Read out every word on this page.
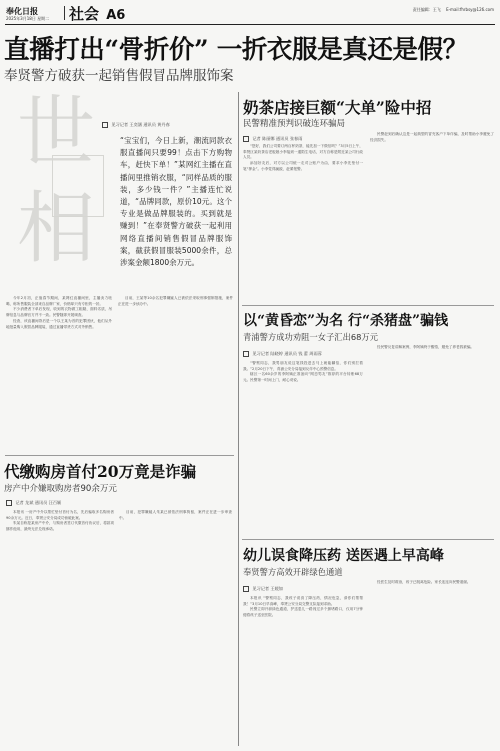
奉化日报
2025年3月18日 星期二 社会 A6	责任编辑：王飞 E-mail:fhrbsy@126.com
直播打出“骨折价” 一折衣服是真还是假？
奉贤警方破获一起销售假冒品牌服饰案
世相
见习记者 王奕涵 通讯员 黄丹春
“宝宝们，今日上新，潮流同款衣服直播间只要99！点击下方购物车，赶快下单！”某网红主播在直播间里推销衣服，“同样品质的服装，多少钱一件？”主播连忙说道，“品牌同款，原价10元。这个专业是做品牌服装的。买到就是赚到！”在奉贤警方破获一起利用网络直播间销售假冒品牌服饰案，截获假冒服装5000余件，总涉案金额1800余万元。

今年2月初，正值春节期间，某网红直播间里，主播卖力吆喝，称所售服装全部来自品牌厂家，价格却只有专柜的一折。

不少消费者下单后发现，收到的衣物做工粗糙、面料劣质，吊牌信息与品牌官方并不一致。民警随即开展调查。

经查，该直播间背后是一个以王某为首的犯罪团伙，他们从外地批量购入假冒品牌服装，通过直播带货方式对外销售。

目前，王某等10余名犯罪嫌疑人已被依法采取刑事强制措施，案件正在进一步侦办中。

奶茶店接巨额“大单”险中招
民警精准预判识破连环骗局
记者 陈丽娜 通讯员 张春雨

“您好，我们公司要订两百杯奶茶，能先加一下微信吗？”3月5日上午，奉贤区某奶茶店老板娘小李接到一通陌生电话，对方自称是附近某公司行政人员。

添加好友后，对方以公司统一走对公账户为由，要求小李先垫付一笔“押金”。小李觉得蹊跷，赶紧报警。

民警赶到后确认这是一起典型的冒充客户下单诈骗，及时帮助小李避免了经济损失。

以“黄昏恋”为名 行“杀猪盘”骗钱
青浦警方成功劝阻一女子汇出68万元
见习记者 陆晓婷 通讯员 钱 蕾 周雨蓉

“警察同志，我男朋友说这笔钱投进去马上就能翻倍，你们别拦着我。”2月20日下午，青浦公安分局接到反诈中心预警信息。

辖区一名60余岁的李阿姨正准备向“网恋男友”推荐的平台转账68万元。民警第一时间上门，耐心劝说。

经民警反复讲解案例，李阿姨终于醒悟，避免了养老钱被骗。

代缴购房首付20万竟是诈骗
房产中介嫌取购房者90余万元
记者 龙斌 通讯员 汪百颖

本报讯 一房产中介以帮忙垫付首付为名，先后骗取多名购房者90余万元。近日，奉贤公安分局成功侦破此案。

朱某自称是某房产中介，与购房者签订代缴首付协议后，将款项挪作他用，最终无法兑现承诺。

目前，犯罪嫌疑人朱某已被依法刑事拘留，案件正在进一步审查中。

幼儿误食降压药 送医遇上早高峰
奉贤警方高效开辟绿色通道
见习记者 王媛如

本报讯 “警察同志，我孩子误食了降压药，情况危急，请你们帮帮我！”3月10日早高峰，奉贤公安分局交警支队接到求助。

民警立即开辟绿色通道，护送患儿一路闯过多个拥堵路口，仅用7分钟便将孩子送至医院。

经医生及时救治，孩子已脱离危险。家长连连向民警道谢。
